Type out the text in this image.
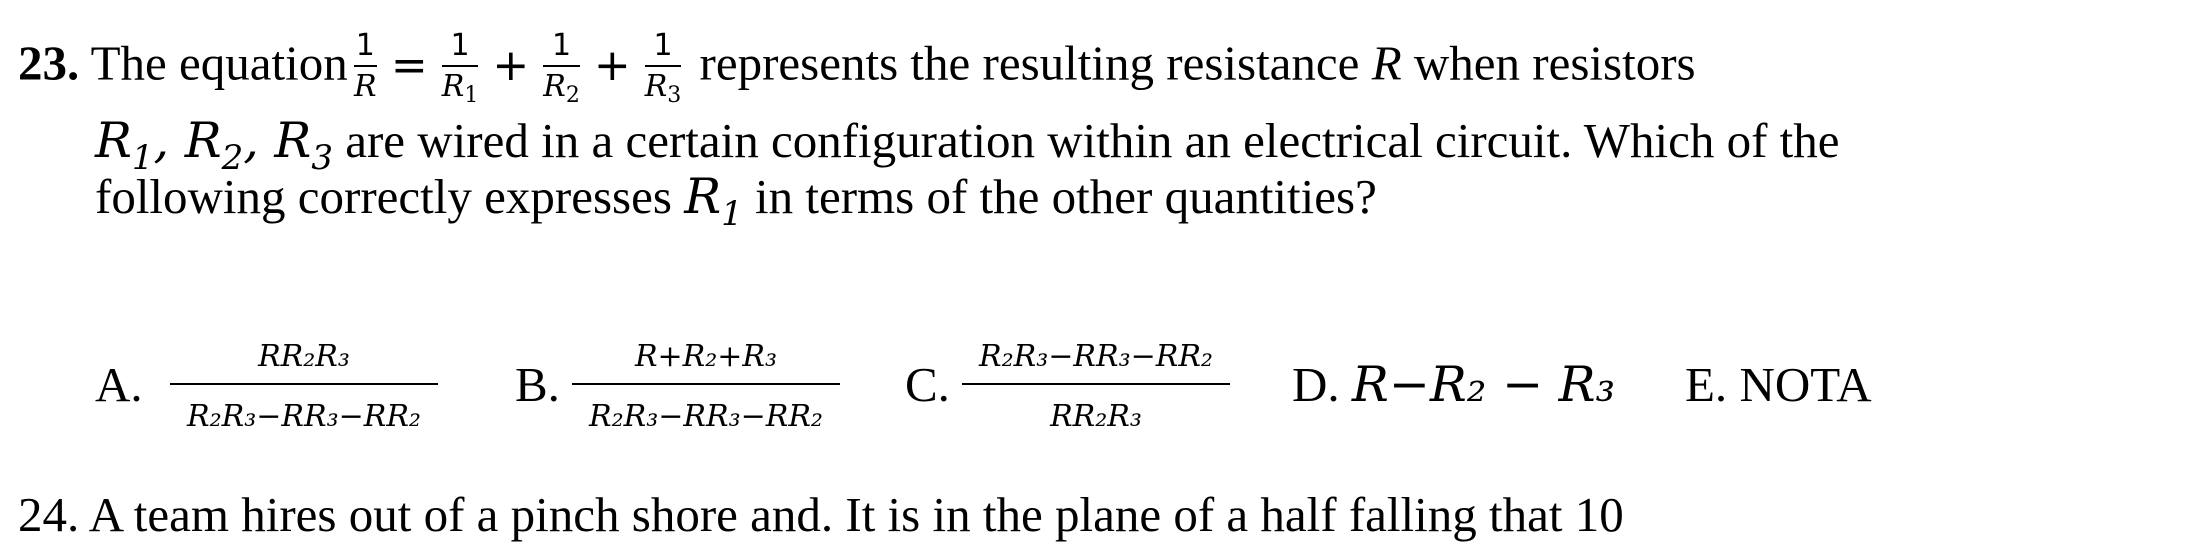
23. The equation $\frac{1}{R} = \frac{1}{R_1} + \frac{1}{R_2} + \frac{1}{R_3}$ represents the resulting resistance R when resistors
$R_1$, $R_2$, $R_3$ are wired in a certain configuration within an electrical circuit. Which of the
following correctly expresses $R_1$ in terms of the other quantities?
A.
RR₂R₃
R₂R₃−RR₃−RR₂
B.
R+R₂+R₃
R₂R₃−RR₃−RR₂
C.
R₂R₃−RR₃−RR₂
RR₂R₃
D. R−R₂ − R₃ E. NOTA
24. A team hires out of a pinch shore and. It is in the plane of a half falling that 10
